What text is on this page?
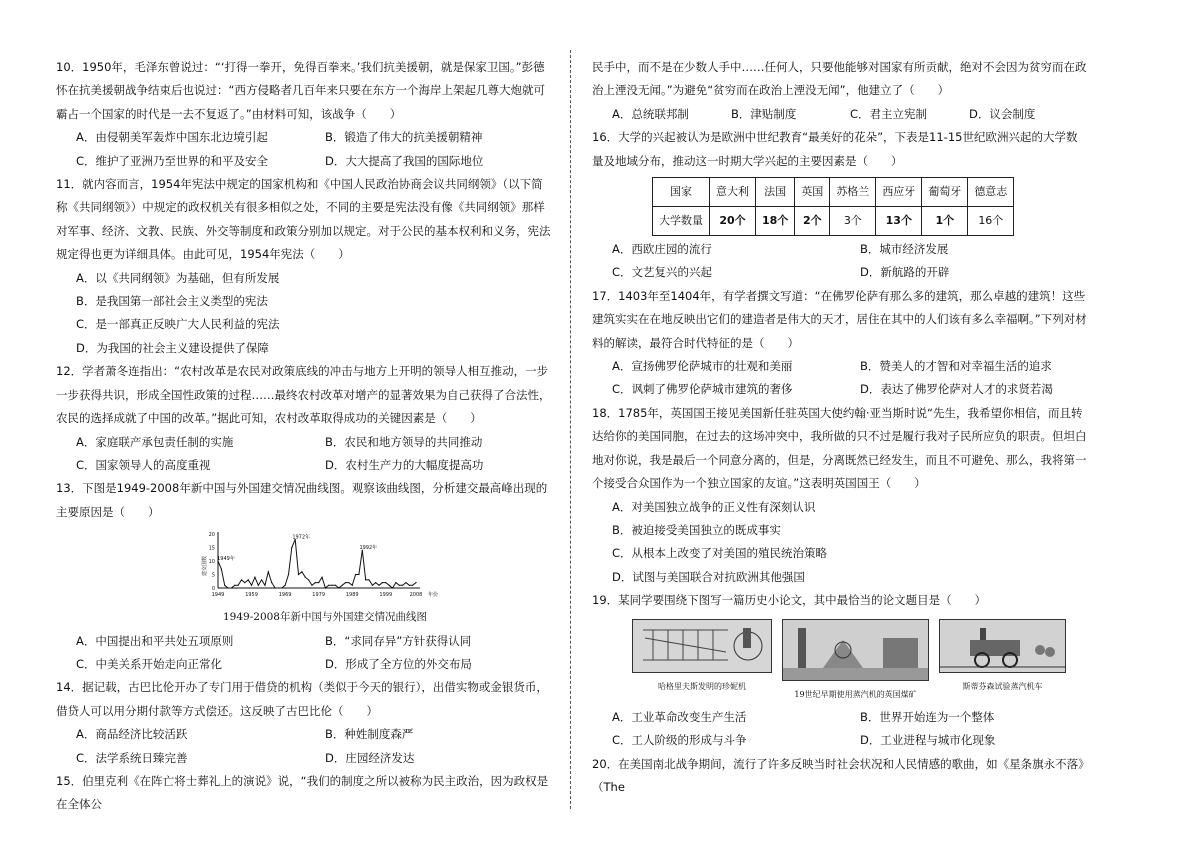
10．1950年，毛泽东曾说过：“‘打得一拳开，免得百拳来。’我们抗美援朝，就是保家卫国。”彭德怀在抗美援朝战争结束后也说过：“西方侵略者几百年来只要在东方一个海岸上架起几尊大炮就可霸占一个国家的时代是一去不复返了。”由材料可知，该战争（　　）
A．由侵朝美军轰炸中国东北边境引起	B．锻造了伟大的抗美援朝精神
C．维护了亚洲乃至世界的和平及安全	D．大大提高了我国的国际地位
11．就内容而言，1954年宪法中规定的国家机构和《中国人民政治协商会议共同纲领》（以下简称《共同纲领》）中规定的政权机关有很多相似之处，不同的主要是宪法没有像《共同纲领》那样对军事、经济、文教、民族、外交等制度和政策分别加以规定。对于公民的基本权利和义务，宪法规定得也更为详细具体。由此可见，1954年宪法（　　）
A．以《共同纲领》为基础，但有所发展
B．是我国第一部社会主义类型的宪法
C．是一部真正反映广大人民利益的宪法
D．为我国的社会主义建设提供了保障
12．学者萧冬连指出：“农村改革是农民对政策底线的冲击与地方上开明的领导人相互推动，一步一步获得共识，形成全国性政策的过程……最终农村改革对增产的显著效果为自己获得了合法性，农民的选择成就了中国的改革。”据此可知，农村改革取得成功的关键因素是（　　）
A．家庭联产承包责任制的实施	B．农民和地方领导的共同推动
C．国家领导人的高度重视	D．农村生产力的大幅度提高功
13．下图是1949-2008年新中国与外国建交情况曲线图。观察该曲线图，分析建交最高峰出现的主要原因是（　　）
0
5
10
15
20
1949	1959	1969	1979	1989	1999	2008 年份
建交国数 1949年
1972年
1992年
1949-2008年新中国与外国建交情况曲线图
A．中国提出和平共处五项原则	B．“求同存异”方针获得认同
C．中美关系开始走向正常化	D．形成了全方位的外交布局
14．据记载，古巴比伦开办了专门用于借贷的机构（类似于今天的银行），出借实物或金银货币，借贷人可以用分期付款等方式偿还。这反映了古巴比伦（　　）
A．商品经济比较活跃	B．种姓制度森严
C．法学系统日臻完善	D．庄园经济发达
15．伯里克利《在阵亡将士葬礼上的演说》说，“我们的制度之所以被称为民主政治，因为政权是在全体公
民手中，而不是在少数人手中……任何人，只要他能够对国家有所贡献，绝对不会因为贫穷而在政治上湮没无闻。”为避免“贫穷而在政治上湮没无闻”，他建立了（　　）
A．总统联邦制	B．津贴制度	C．君主立宪制	D．议会制度
16．大学的兴起被认为是欧洲中世纪教育“最美好的花朵”，下表是11-15世纪欧洲兴起的大学数量及地域分布，推动这一时期大学兴起的主要因素是（　　）
国家	意大利	法国	英国	苏格兰	西应牙	葡萄牙	德意志
大学数量	20个	18个	2个	3个	13个	1个	16个
A．西欧庄园的流行	B．城市经济发展
C．文艺复兴的兴起	D．新航路的开辟
17．1403年至1404年，有学者撰文写道：“在佛罗伦萨有那么多的建筑，那么卓越的建筑！这些建筑实实在在地反映出它们的建造者是伟大的天才，居住在其中的人们该有多么幸福啊。”下列对材料的解读，最符合时代特征的是（　　）
A．宣扬佛罗伦萨城市的壮观和美丽	B．赞美人的才智和对幸福生活的追求
C．讽刺了佛罗伦萨城市建筑的奢侈	D．表达了佛罗伦萨对人才的求贤若渴
18．1785年，英国国王接见美国新任驻英国大使约翰·亚当斯时说“先生，我希望你相信，而且转达给你的美国同胞，在过去的这场冲突中，我所做的只不过是履行我对子民所应负的职责。但坦白地对你说，我是最后一个同意分离的，但是，分离既然已经发生，而且不可避免、那么，我将第一个接受合众国作为一个独立国家的友谊。”这表明英国国王（　　）
A．对美国独立战争的正义性有深刻认识
B．被迫接受美国独立的既成事实
C．从根本上改变了对美国的殖民统治策略
D．试图与美国联合对抗欧洲其他强国
19．某同学要围绕下图写一篇历史小论文，其中最恰当的论文题目是（　　）
哈格里夫斯发明的珍妮机
19世纪早期使用蒸汽机的英国煤矿
斯蒂芬森试验蒸汽机车
A．工业革命改变生产生活	B．世界开始连为一个整体
C．工人阶级的形成与斗争	D．工业进程与城市化现象
20．在美国南北战争期间，流行了许多反映当时社会状况和人民情感的歌曲，如《星条旗永不落》（The
